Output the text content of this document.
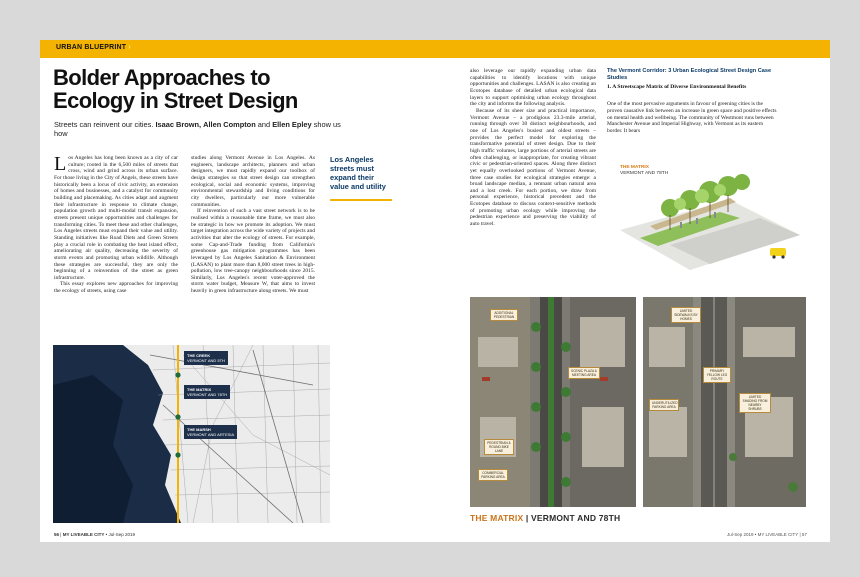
URBAN BLUEPRINT ›
Bolder Approaches to Ecology in Street Design
Streets can reinvent our cities. Isaac Brown, Allen Compton and Ellen Epley show us how

Los Angeles has long been known as a city of car culture; rooted in the 6,500 miles of streets that cross, wind and grind across its urban surface. For those living in the City of Angels, these streets have historically been a locus of civic activity, an extension of homes and businesses, and a catalyst for community building and placemaking. As cities adapt and augment their infrastructure in response to climate change, population growth and multi-modal transit expansion, streets present unique opportunities and challenges for transforming cities. To meet these and other challenges, Los Angeles streets must expand their value and utility. Standing initiatives like Road Diets and Green Streets play a crucial role in combating the heat island effect, ameliorating air quality, decreasing the severity of storm events and promoting urban wildlife. Although these strategies are successful, they are only the beginning of a reinvention of the street as green infrastructure.

This essay explores new approaches for improving the ecology of streets, using case

studies along Vermont Avenue in Los Angeles. As engineers, landscape architects, planners and urban designers, we must rapidly expand our toolbox of design strategies so that street design can strengthen ecological, social and economic systems, improving environmental stewardship and living conditions for city dwellers, particularly our more vulnerable communities.

If reinvention of such a vast street network is to be realised within a reasonable time frame, we must also be strategic in how we promote its adoption. We must target integration across the wide variety of projects and activities that alter the ecology of streets. For example, some Cap-and-Trade funding from California's greenhouse gas mitigation programmes has been leveraged by Los Angeles Sanitation & Environment (LASAN) to plant more than 8,000 street trees in high-pollution, low tree-canopy neighbourhoods since 2015. Similarly, Los Angeles's recent voter-approved the storm water budget, Measure W, that aims to invest heavily in green infrastructure along streets. We must

Los Angeles streets must expand their value and utility
THE CREEK
VERMONT AND 5TH
THE MATRIX
VERMONT AND 78TH
THE MARSH
VERMONT AND ARTESIA
56 | MY LIVEABLE CITY • Jul-Sep 2019

also leverage our rapidly expanding urban data capabilities to identify locations with unique opportunities and challenges. LASAN is also creating an Ecotopes database of detailed urban ecological data layers to support optimising urban ecology throughout the city and informs the following analysis.

Because of its sheer size and practical importance, Vermont Avenue – a prodigious 23.3-mile arterial, running through over 30 distinct neighbourhoods, and one of Los Angeles's busiest and oldest streets – provides the perfect model for exploring the transformative potential of street design. Due to their high traffic volumes, large portions of arterial streets are often challenging, or inappropriate, for creating vibrant civic or pedestrian-oriented spaces. Along three distinct yet equally overlooked portions of Vermont Avenue, three case studies for ecological strategies emerge: a broad landscape median, a remnant urban natural area and a lost creek. For each portion, we draw from personal experience, historical precedent and the Ecotopes database to discuss context-sensitive methods of promoting urban ecology while improving the pedestrian experience and preserving the viability of auto travel.

The Vermont Corridor: 3 Urban Ecological Street Design Case Studies
1. A Streetscape Matrix of Diverse Environmental Benefits
One of the most pervasive arguments in favour of greening cities is the proven causative link between an increase in green space and positive effects on mental health and wellbeing. The community of Westmont runs between Manchester Avenue and Imperial Highway, with Vermont as its eastern border. It bears
THE MATRIX
VERMONT AND 78TH
ADDITIONAL PEDESTRIAN
SCENIC PLAZA & MEETING AREA
PEDESTRIAN & ROUND BIKE LANE
COMMERCIAL PARKING AREA
LIMITED SIDEWALKS BY HOMES
PRIMARY YELLOW LEG ROUTE
UNDERUTILIZED PARKING AREA
LIMITED SHADING FROM NEARBY SHRUBS
THE MATRIX | VERMONT AND 78TH
Jul-Sep 2019 • MY LIVEABLE CITY | 57
